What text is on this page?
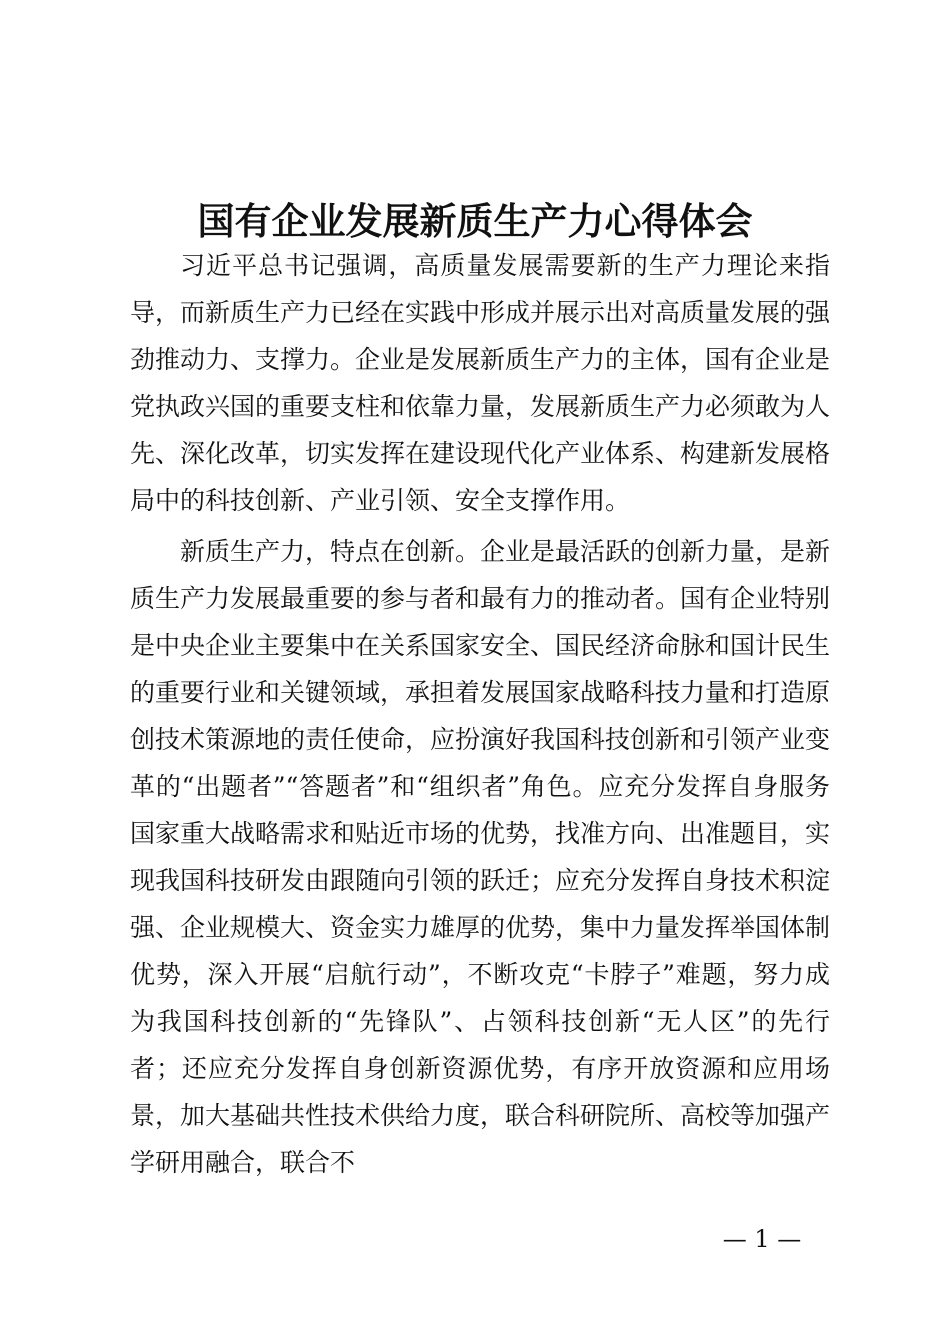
国有企业发展新质生产力心得体会

习近平总书记强调，高质量发展需要新的生产力理论来指导，而新质生产力已经在实践中形成并展示出对高质量发展的强劲推动力、支撑力。企业是发展新质生产力的主体，国有企业是党执政兴国的重要支柱和依靠力量，发展新质生产力必须敢为人先、深化改革，切实发挥在建设现代化产业体系、构建新发展格局中的科技创新、产业引领、安全支撑作用。

新质生产力，特点在创新。企业是最活跃的创新力量，是新质生产力发展最重要的参与者和最有力的推动者。国有企业特别是中央企业主要集中在关系国家安全、国民经济命脉和国计民生的重要行业和关键领域，承担着发展国家战略科技力量和打造原创技术策源地的责任使命，应扮演好我国科技创新和引领产业变革的“出题者”“答题者”和“组织者”角色。应充分发挥自身服务国家重大战略需求和贴近市场的优势，找准方向、出准题目，实现我国科技研发由跟随向引领的跃迁；应充分发挥自身技术积淀强、企业规模大、资金实力雄厚的优势，集中力量发挥举国体制优势，深入开展“启航行动”，不断攻克“卡脖子”难题，努力成为我国科技创新的“先锋队”、占领科技创新“无人区”的先行者；还应充分发挥自身创新资源优势，有序开放资源和应用场景，加大基础共性技术供给力度，联合科研院所、高校等加强产学研用融合，联合不

— 1 —
